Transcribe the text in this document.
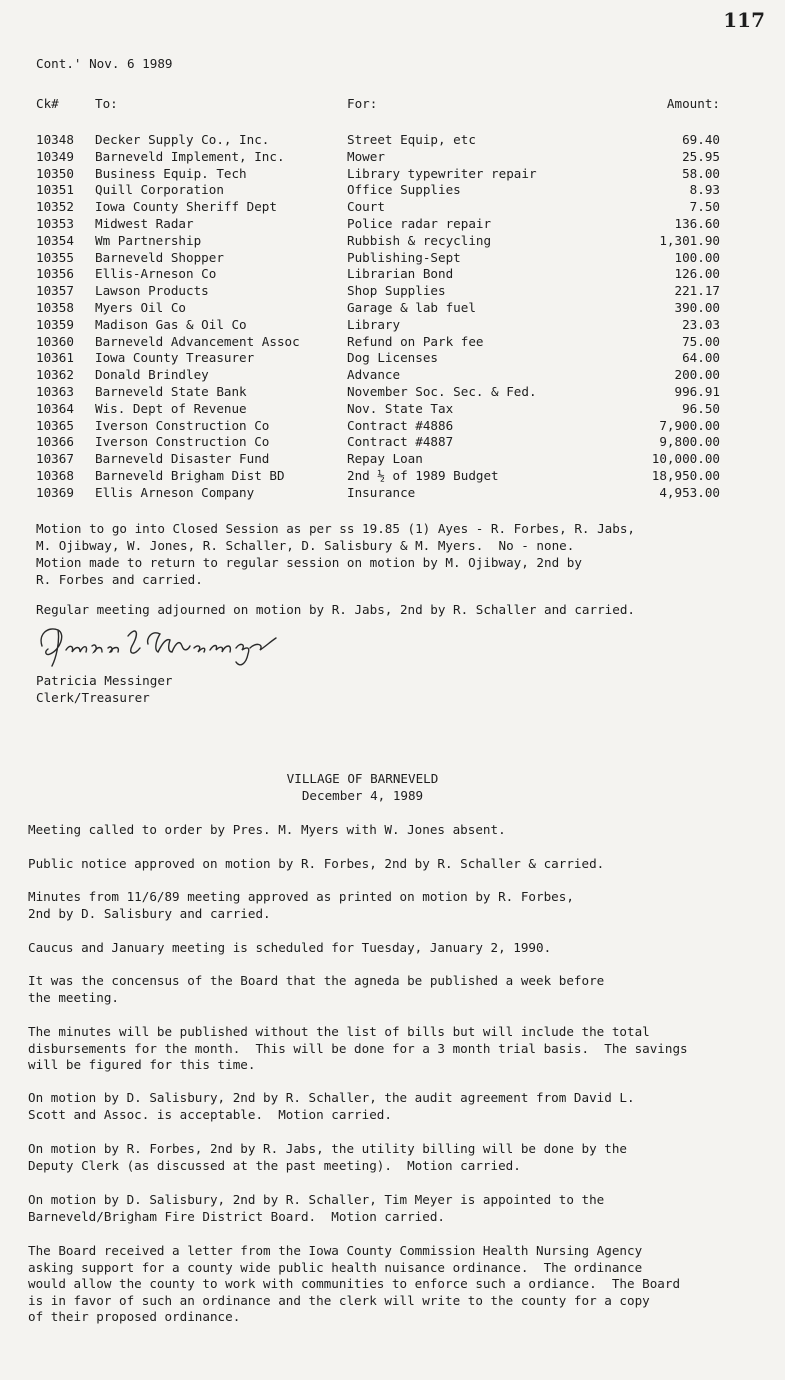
117
Cont.' Nov. 6 1989
Ck#	To:	For:	Amount:
10348 Decker Supply Co., Inc.	Street Equip, etc	69.40
10349 Barneveld Implement, Inc.	Mower	25.95
10350 Business Equip. Tech	Library typewriter repair	58.00
10351 Quill Corporation	Office Supplies	8.93
10352 Iowa County Sheriff Dept	Court	7.50
10353 Midwest Radar	Police radar repair	136.60
10354 Wm Partnership	Rubbish & recycling	1,301.90
10355 Barneveld Shopper	Publishing-Sept	100.00
10356 Ellis-Arneson Co	Librarian Bond	126.00
10357 Lawson Products	Shop Supplies	221.17
10358 Myers Oil Co	Garage & lab fuel	390.00
10359 Madison Gas & Oil Co	Library	23.03
10360 Barneveld Advancement Assoc	Refund on Park fee	75.00
10361 Iowa County Treasurer	Dog Licenses	64.00
10362 Donald Brindley	Advance	200.00
10363 Barneveld State Bank	November Soc. Sec. & Fed.	996.91
10364 Wis. Dept of Revenue	Nov. State Tax	96.50
10365 Iverson Construction Co	Contract #4886	7,900.00
10366 Iverson Construction Co	Contract #4887	9,800.00
10367 Barneveld Disaster Fund	Repay Loan	10,000.00
10368 Barneveld Brigham Dist BD	2nd ½ of 1989 Budget	18,950.00
10369 Ellis Arneson Company	Insurance	4,953.00
Motion to go into Closed Session as per ss 19.85 (1) Ayes - R. Forbes, R. Jabs,
M. Ojibway, W. Jones, R. Schaller, D. Salisbury & M. Myers.  No - none.
Motion made to return to regular session on motion by M. Ojibway, 2nd by
R. Forbes and carried.
Regular meeting adjourned on motion by R. Jabs, 2nd by R. Schaller and carried.
Patricia Messinger
Clerk/Treasurer
VILLAGE OF BARNEVELD
December 4, 1989
Meeting called to order by Pres. M. Myers with W. Jones absent.
Public notice approved on motion by R. Forbes, 2nd by R. Schaller & carried.
Minutes from 11/6/89 meeting approved as printed on motion by R. Forbes,
2nd by D. Salisbury and carried.
Caucus and January meeting is scheduled for Tuesday, January 2, 1990.
It was the concensus of the Board that the agneda be published a week before
the meeting.
The minutes will be published without the list of bills but will include the total
disbursements for the month.  This will be done for a 3 month trial basis.  The savings
will be figured for this time.
On motion by D. Salisbury, 2nd by R. Schaller, the audit agreement from David L.
Scott and Assoc. is acceptable.  Motion carried.
On motion by R. Forbes, 2nd by R. Jabs, the utility billing will be done by the
Deputy Clerk (as discussed at the past meeting).  Motion carried.
On motion by D. Salisbury, 2nd by R. Schaller, Tim Meyer is appointed to the
Barneveld/Brigham Fire District Board.  Motion carried.
The Board received a letter from the Iowa County Commission Health Nursing Agency
asking support for a county wide public health nuisance ordinance.  The ordinance
would allow the county to work with communities to enforce such a ordiance.  The Board
is in favor of such an ordinance and the clerk will write to the county for a copy
of their proposed ordinance.
